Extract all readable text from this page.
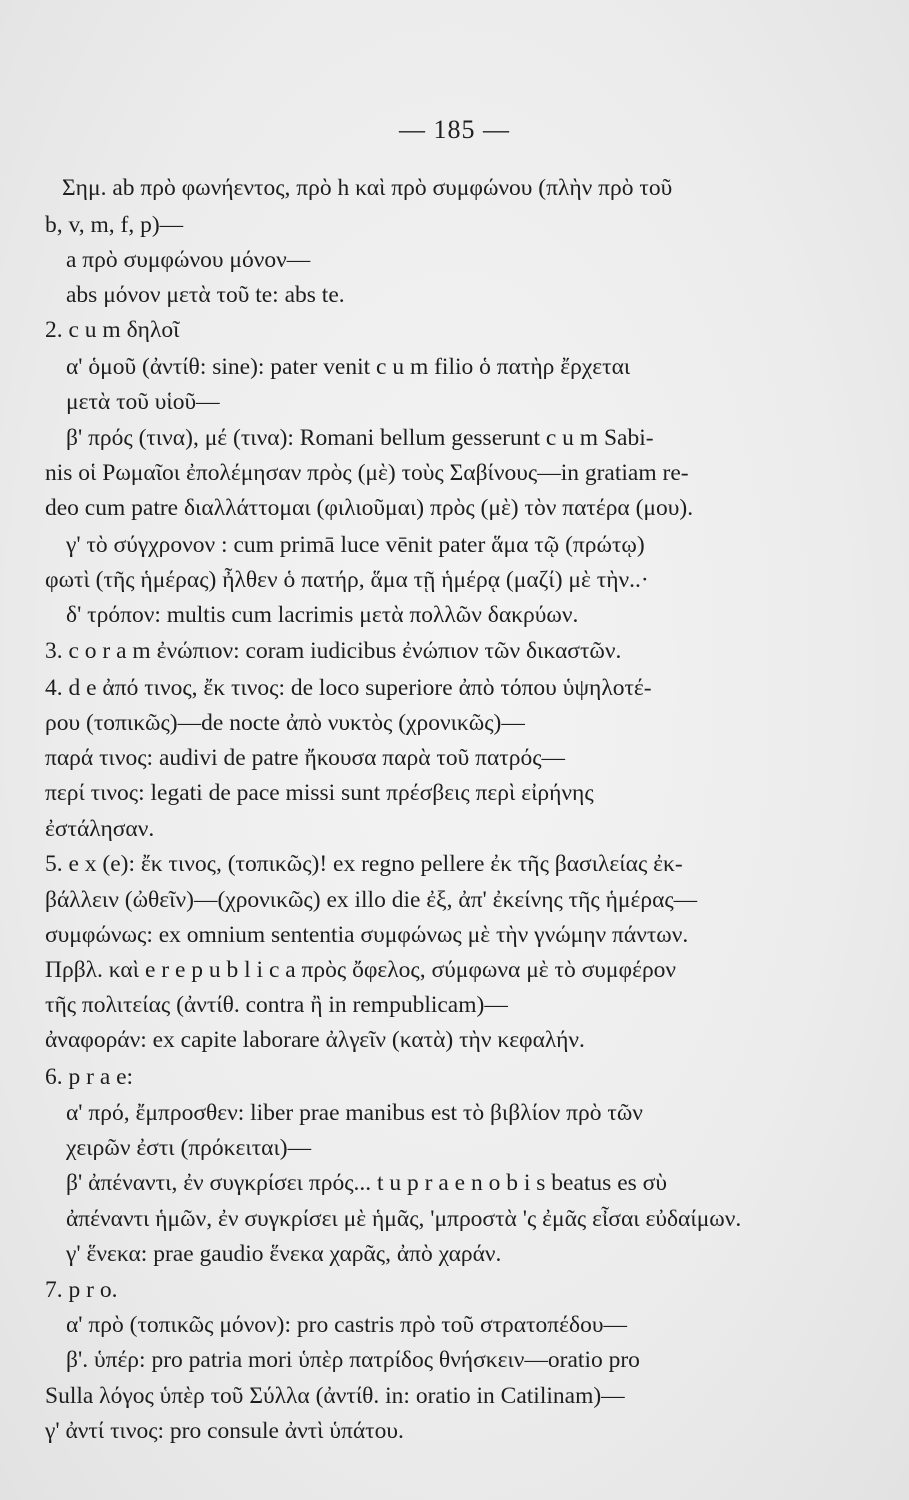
— 185 —
Σημ. ab πρὸ φωνήεντος, πρὸ h καὶ πρὸ συμφώνου (πλὴν πρὸ τοῦ
b, v, m, f, p)—
a πρὸ συμφώνου μόνον—
abs μόνον μετὰ τοῦ te: abs te.
2. c u m δηλοῖ
α' ὁμοῦ (ἀντίθ: sine): pater venit c u m filio ὁ πατὴρ ἔρχεται
μετὰ τοῦ υἱοῦ—
β' πρός (τινα), μέ (τινα): Romani bellum gesserunt c u m Sabi-
nis οἱ Ρωμαῖοι ἐπολέμησαν πρὸς (μὲ) τοὺς Σαβίνους—in gratiam re-
deo cum patre διαλλάττομαι (φιλιοῦμαι) πρὸς (μὲ) τὸν πατέρα (μου).
γ' τὸ σύγχρονον : cum primā luce vēnit pater ἅμα τῷ (πρώτῳ)
φωτὶ (τῆς ἡμέρας) ἦλθεν ὁ πατήρ, ἅμα τῇ ἡμέρᾳ (μαζί) μὲ τὴν..·
δ' τρόπον: multis cum lacrimis μετὰ πολλῶν δακρύων.
3. c o r a m ἐνώπιον: coram iudicibus ἐνώπιον τῶν δικαστῶν.
4. d e ἀπό τινος, ἔκ τινος: de loco superiore ἀπὸ τόπου ὑψηλοτέ-
ρου (τοπικῶς)—de nocte ἀπὸ νυκτὸς (χρονικῶς)—
παρά τινος: audivi de patre ἤκουσα παρὰ τοῦ πατρός—
περί τινος: legati de pace missi sunt πρέσβεις περὶ εἰρήνης
ἐστάλησαν.
5. e x (e): ἔκ τινος, (τοπικῶς)! ex regno pellere ἐκ τῆς βασιλείας ἐκ-
βάλλειν (ὠθεῖν)—(χρονικῶς) ex illo die ἐξ, ἀπ' ἐκείνης τῆς ἡμέρας—
συμφώνως: ex omnium sententia συμφώνως μὲ τὴν γνώμην πάντων.
Πρβλ. καὶ e r e p u b l i c a πρὸς ὄφελος, σύμφωνα μὲ τὸ συμφέρον
τῆς πολιτείας (ἀντίθ. contra ἢ in rempublicam)—
ἀναφοράν: ex capite laborare ἀλγεῖν (κατὰ) τὴν κεφαλήν.
6. p r a e:
α' πρό, ἔμπροσθεν: liber prae manibus est τὸ βιβλίον πρὸ τῶν
χειρῶν ἐστι (πρόκειται)—
β' ἀπέναντι, ἐν συγκρίσει πρός... t u p r a e n o b i s beatus es σὺ
ἀπέναντι ἡμῶν, ἐν συγκρίσει μὲ ἡμᾶς, 'μπροστὰ 'ς ἐμᾶς εἶσαι εὐδαίμων.
γ' ἕνεκα: prae gaudio ἕνεκα χαρᾶς, ἀπὸ χαράν.
7. p r o.
α' πρὸ (τοπικῶς μόνον): pro castris πρὸ τοῦ στρατοπέδου—
β'. ὑπέρ: pro patria mori ὑπὲρ πατρίδος θνήσκειν—oratio pro
Sulla λόγος ὑπὲρ τοῦ Σύλλα (ἀντίθ. in: oratio in Catilinam)—
γ' ἀντί τινος: pro consule ἀντὶ ὑπάτου.
